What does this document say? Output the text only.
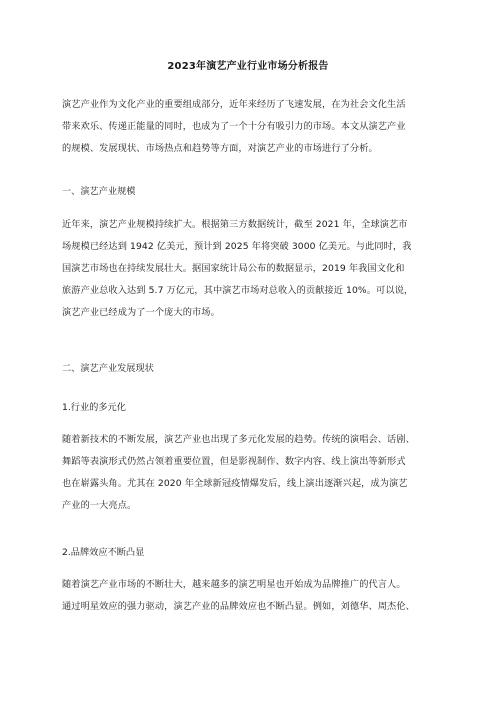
2023年演艺产业行业市场分析报告
演艺产业作为文化产业的重要组成部分，近年来经历了飞速发展，在为社会文化生活
带来欢乐、传递正能量的同时，也成为了一个十分有吸引力的市场。本文从演艺产业
的规模、发展现状、市场热点和趋势等方面，对演艺产业的市场进行了分析。
一、演艺产业规模
近年来，演艺产业规模持续扩大。根据第三方数据统计，截至 2021 年，全球演艺市
场规模已经达到 1942 亿美元，预计到 2025 年将突破 3000 亿美元。与此同时，我
国演艺市场也在持续发展壮大。据国家统计局公布的数据显示，2019 年我国文化和
旅游产业总收入达到 5.7 万亿元，其中演艺市场对总收入的贡献接近 10%。可以说，
演艺产业已经成为了一个庞大的市场。
二、演艺产业发展现状
1.行业的多元化
随着新技术的不断发展，演艺产业也出现了多元化发展的趋势。传统的演唱会、话剧、
舞蹈等表演形式仍然占领着重要位置，但是影视制作、数字内容、线上演出等新形式
也在崭露头角。尤其在 2020 年全球新冠疫情爆发后，线上演出逐渐兴起，成为演艺
产业的一大亮点。
2.品牌效应不断凸显
随着演艺产业市场的不断壮大，越来越多的演艺明星也开始成为品牌推广的代言人。
通过明星效应的强力驱动，演艺产业的品牌效应也不断凸显。例如，刘德华、周杰伦、
